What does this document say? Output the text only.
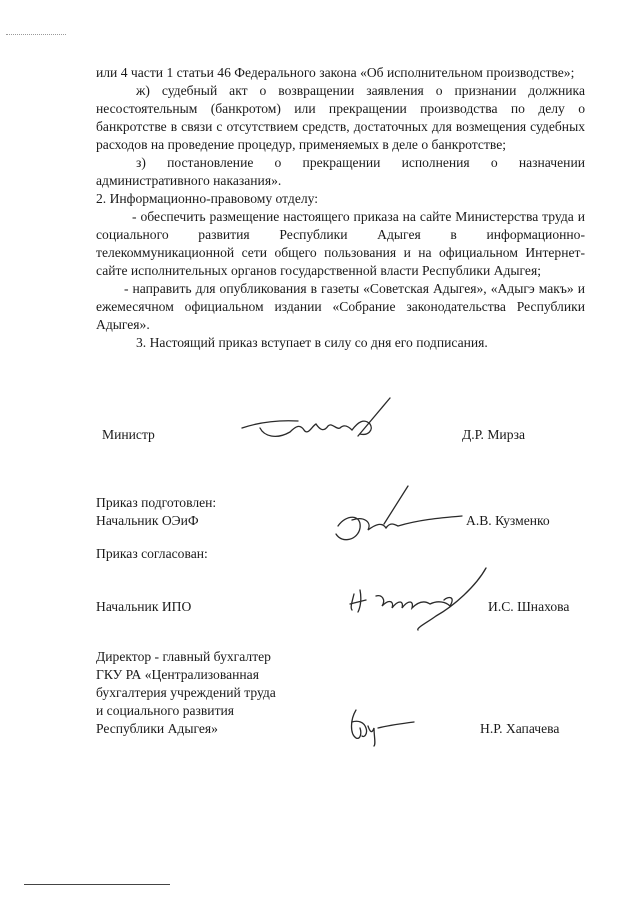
или 4 части 1 статьи 46 Федерального закона «Об исполнительном производстве»;

ж) судебный акт о возвращении заявления о признании должника несостоятельным (банкротом) или прекращении производства по делу о банкротстве в связи с отсутствием средств, достаточных для возмещения судебных расходов на проведение процедур, применяемых в деле о банкротстве;

з) постановление о прекращении исполнения о назначении административного наказания».

2. Информационно-правовому отделу:

- обеспечить размещение настоящего приказа на сайте Министерства труда и социального развития Республики Адыгея в информационно-телекоммуникационной сети общего пользования и на официальном Интернет-сайте исполнительных органов государственной власти Республики Адыгея;

- направить для опубликования в газеты «Советская Адыгея», «Адыгэ макъ» и ежемесячном официальном издании «Собрание законодательства Республики Адыгея».

3. Настоящий приказ вступает в силу со дня его подписания.

Министр	Д.Р. Мирза
Приказ подготовлен:
Начальник ОЭиФ	А.В. Кузменко
Приказ согласован:
Начальник ИПО	И.С. Шнахова
Директор - главный бухгалтер
ГКУ РА «Централизованная
бухгалтерия учреждений труда
и социального развития
Республики Адыгея»	Н.Р. Хапачева
